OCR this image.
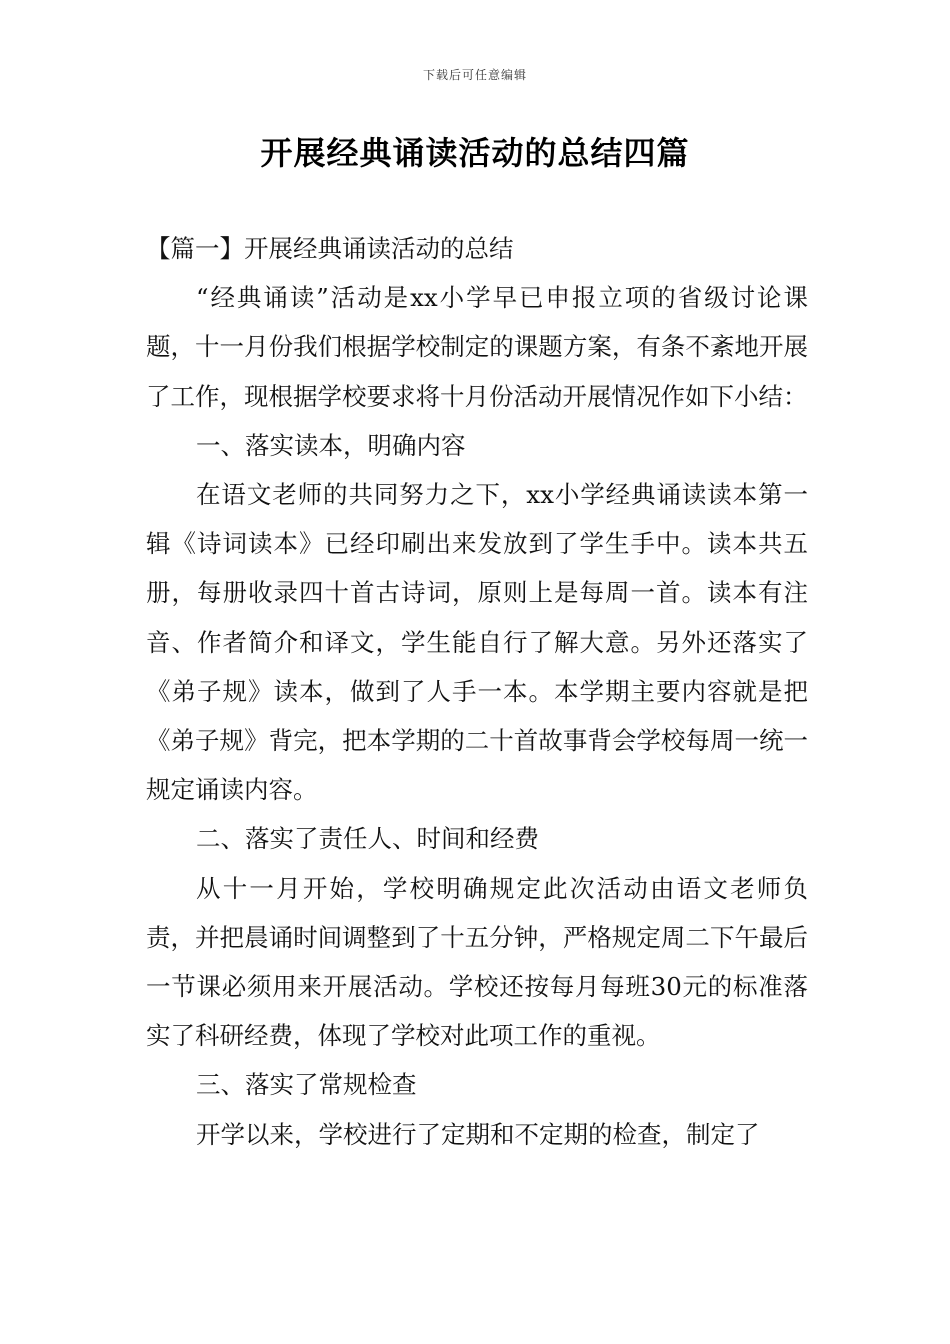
下载后可任意编辑
开展经典诵读活动的总结四篇

【篇一】开展经典诵读活动的总结

“经典诵读”活动是xx小学早已申报立项的省级讨论课题，十一月份我们根据学校制定的课题方案，有条不紊地开展了工作，现根据学校要求将十月份活动开展情况作如下小结：

一、落实读本，明确内容

在语文老师的共同努力之下，xx小学经典诵读读本第一辑《诗词读本》已经印刷出来发放到了学生手中。读本共五册，每册收录四十首古诗词，原则上是每周一首。读本有注音、作者简介和译文，学生能自行了解大意。另外还落实了《弟子规》读本，做到了人手一本。本学期主要内容就是把《弟子规》背完，把本学期的二十首故事背会学校每周一统一规定诵读内容。

二、落实了责任人、时间和经费

从十一月开始，学校明确规定此次活动由语文老师负责，并把晨诵时间调整到了十五分钟，严格规定周二下午最后一节课必须用来开展活动。学校还按每月每班30元的标准落实了科研经费，体现了学校对此项工作的重视。

三、落实了常规检查

开学以来，学校进行了定期和不定期的检查，制定了
